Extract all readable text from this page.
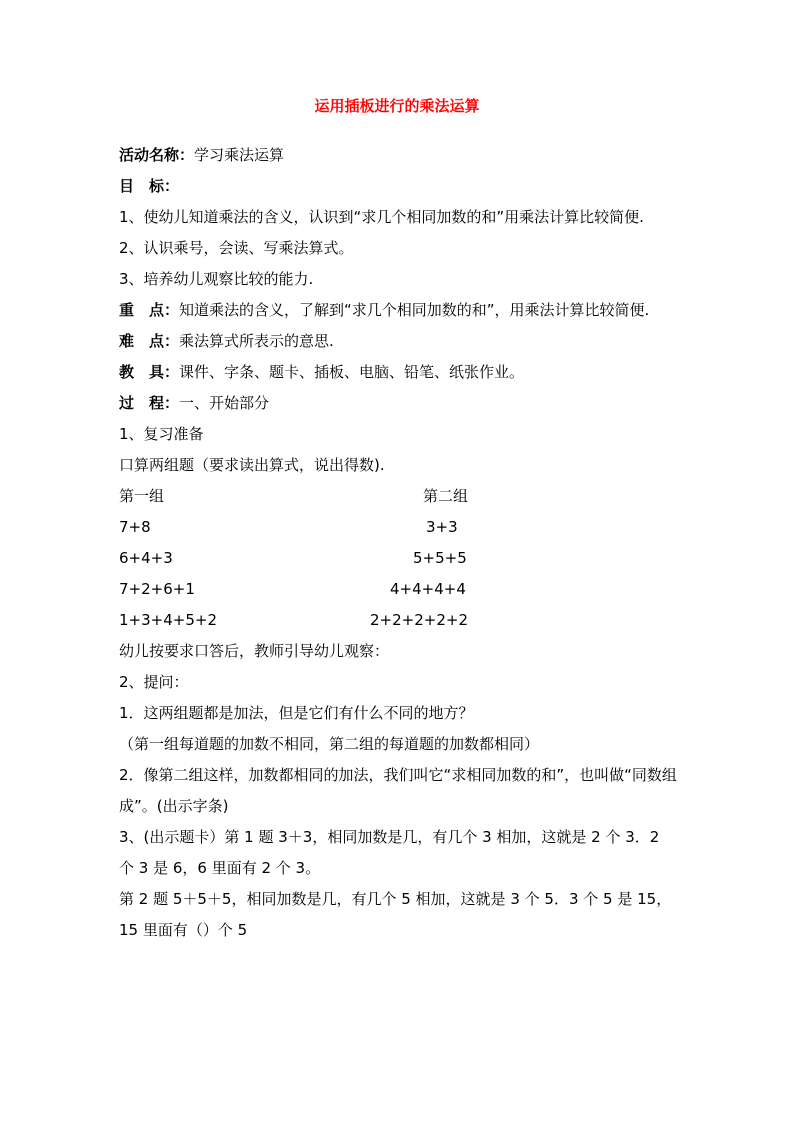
运用插板进行的乘法运算
活动名称：学习乘法运算
目　标：
1、使幼儿知道乘法的含义，认识到“求几个相同加数的和”用乘法计算比较简便.
2、认识乘号，会读、写乘法算式。
3、培养幼儿观察比较的能力.
重　点：知道乘法的含义，了解到“求几个相同加数的和”，用乘法计算比较简便.
难　点：乘法算式所表示的意思.
教　具：课件、字条、题卡、插板、电脑、铅笔、纸张作业。
过　程：一、开始部分
1、复习准备
口算两组题（要求读出算式，说出得数).
第一组	第二组
7+8	3+3
6+4+3	5+5+5
7+2+6+1	4+4+4+4
1+3+4+5+2	2+2+2+2+2
幼儿按要求口答后，教师引导幼儿观察：
2、提问：
1．这两组题都是加法，但是它们有什么不同的地方？
（第一组每道题的加数不相同，第二组的每道题的加数都相同）
2．像第二组这样，加数都相同的加法，我们叫它“求相同加数的和”，也叫做“同数组成”。(出示字条)
3、(出示题卡）第 1 题 3＋3，相同加数是几，有几个 3 相加，这就是 2 个 3．2 个 3 是 6，6 里面有 2 个 3。
第 2 题 5＋5＋5，相同加数是几，有几个 5 相加，这就是 3 个 5．3 个 5 是 15，15 里面有（）个 5
